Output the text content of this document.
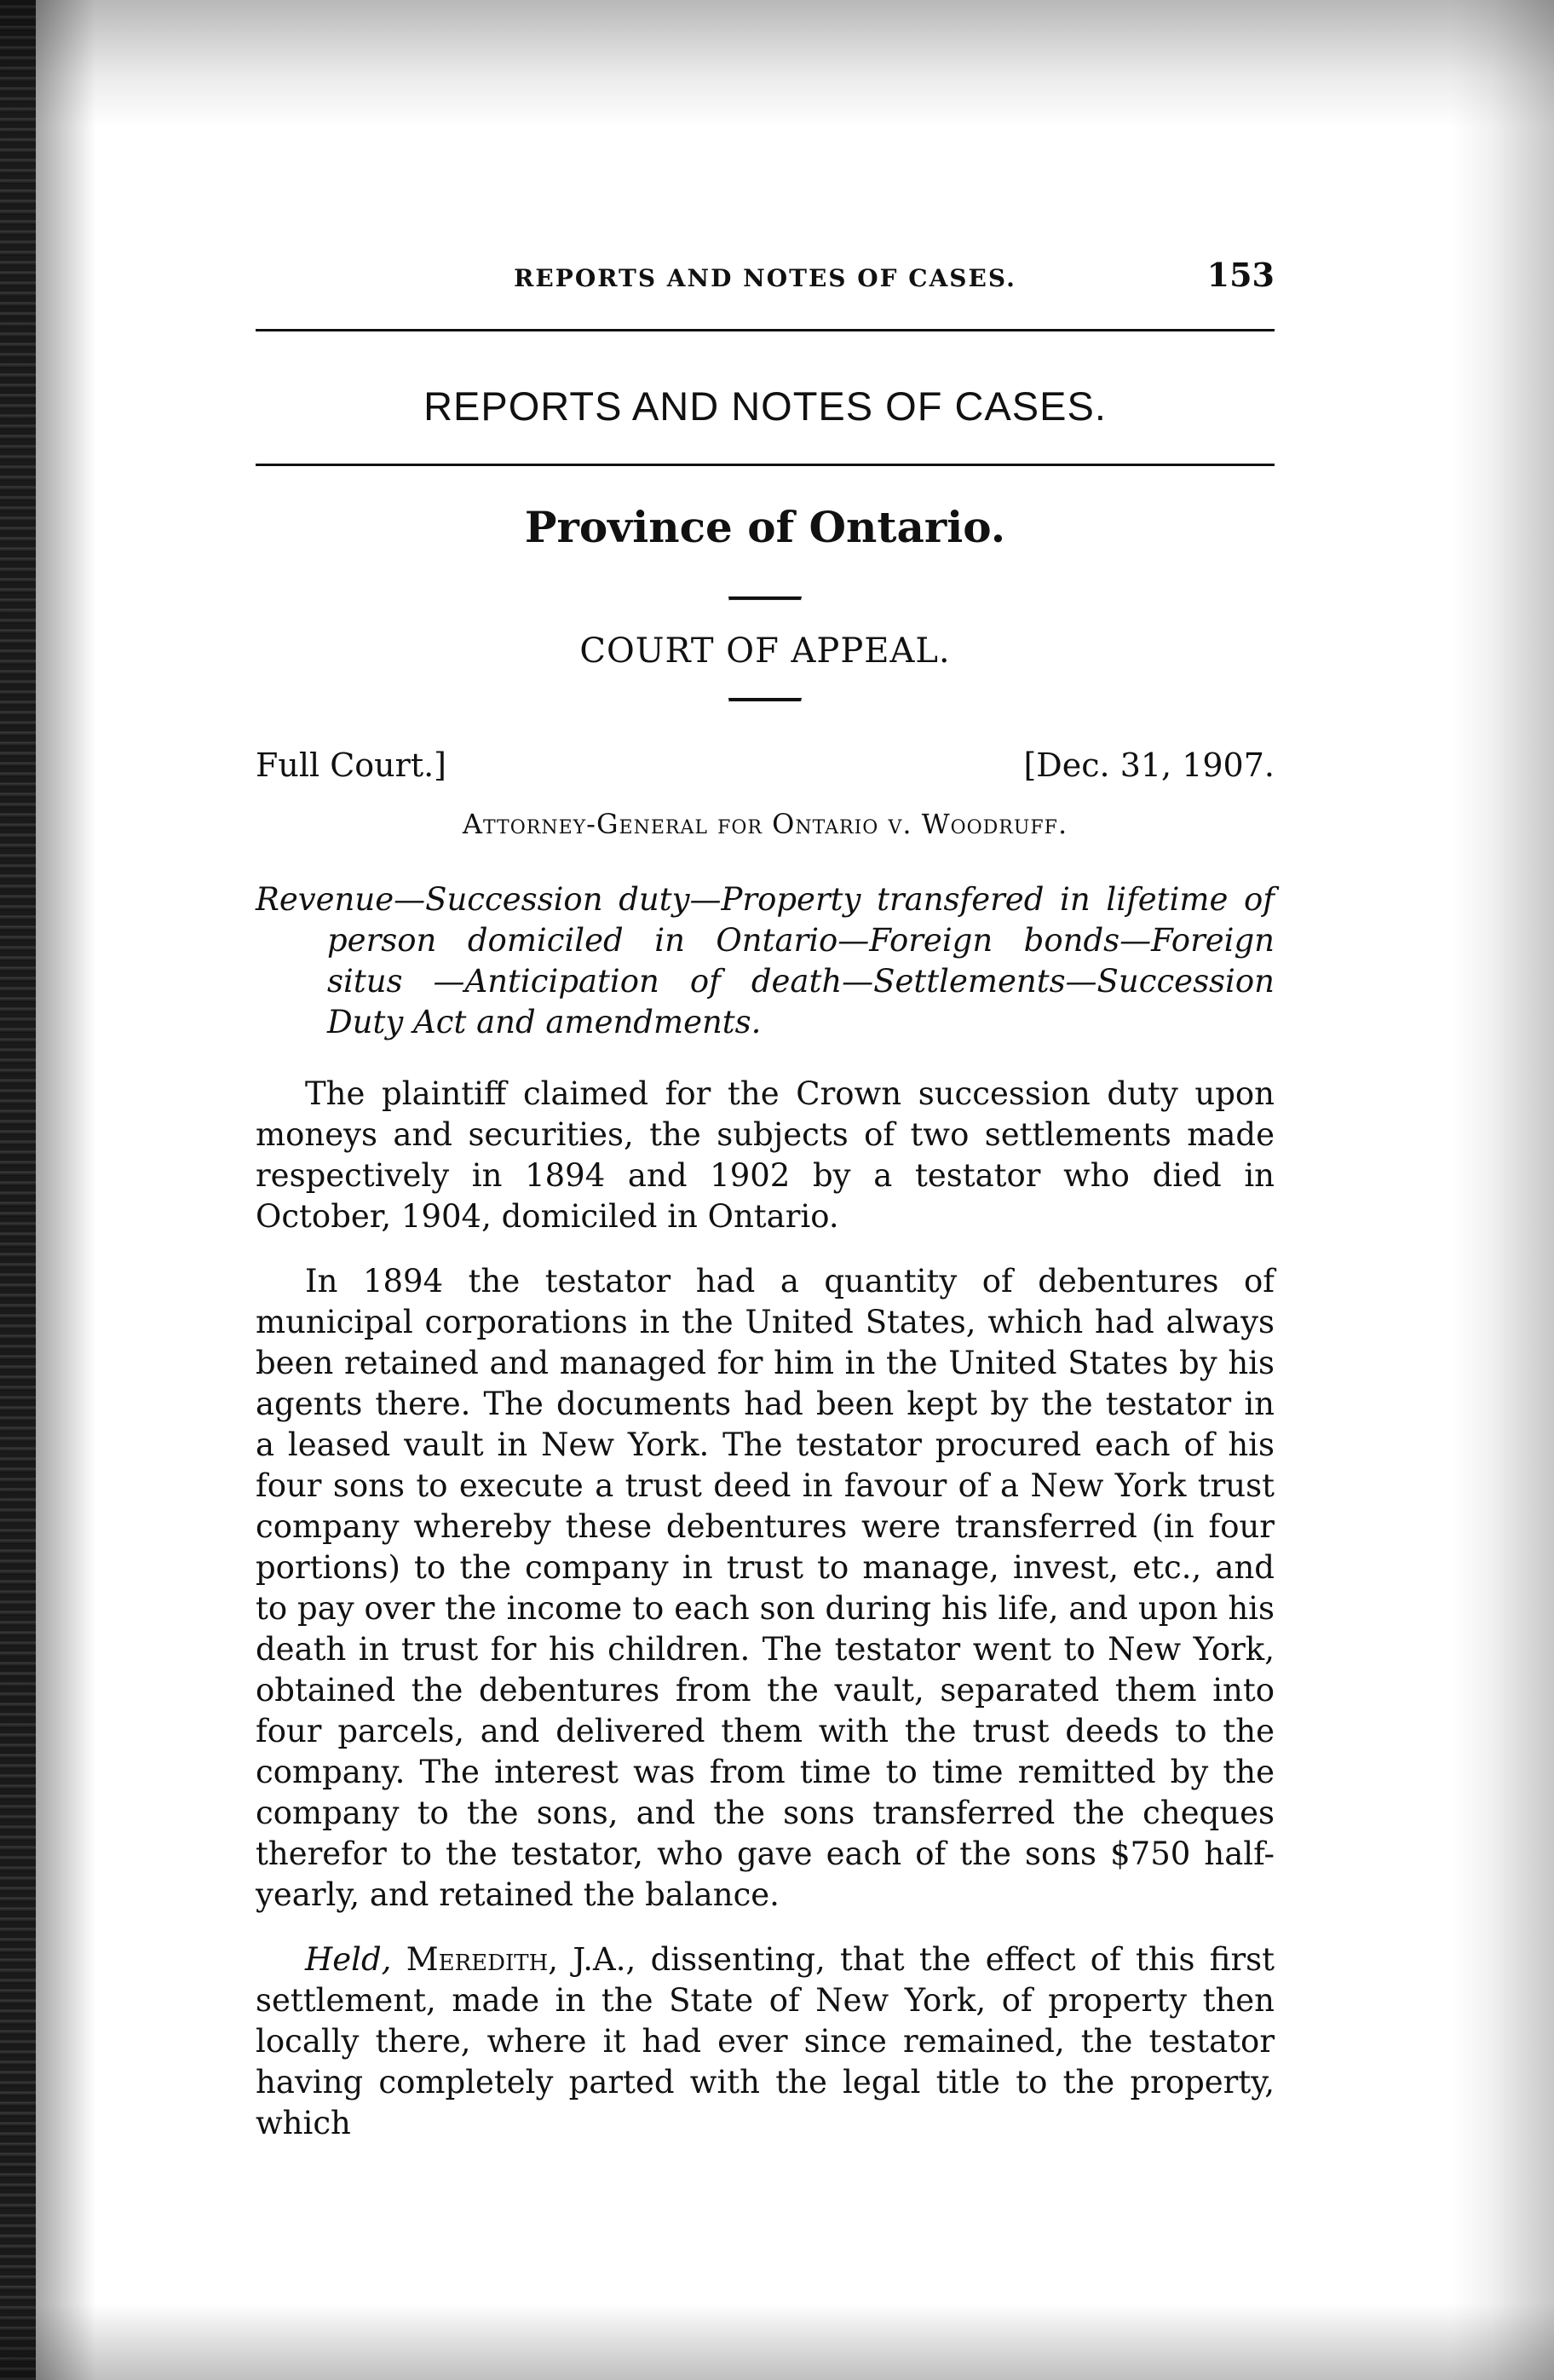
REPORTS AND NOTES OF CASES.	153
REPORTS AND NOTES OF CASES.
Province of Ontario.
COURT OF APPEAL.
Full Court.]	[Dec. 31, 1907.
Attorney-General for Ontario v. Woodruff.
Revenue—Succession duty—Property transfered in lifetime of person domiciled in Ontario—Foreign bonds—Foreign situs —Anticipation of death—Settlements—Succession Duty Act and amendments.

The plaintiff claimed for the Crown succession duty upon moneys and securities, the subjects of two settlements made respectively in 1894 and 1902 by a testator who died in October, 1904, domiciled in Ontario.

In 1894 the testator had a quantity of debentures of municipal corporations in the United States, which had always been retained and managed for him in the United States by his agents there. The documents had been kept by the testator in a leased vault in New York. The testator procured each of his four sons to execute a trust deed in favour of a New York trust company whereby these debentures were transferred (in four portions) to the company in trust to manage, invest, etc., and to pay over the income to each son during his life, and upon his death in trust for his children. The testator went to New York, obtained the debentures from the vault, separated them into four parcels, and delivered them with the trust deeds to the company. The interest was from time to time remitted by the company to the sons, and the sons transferred the cheques therefor to the testator, who gave each of the sons $750 half-yearly, and retained the balance.

Held, Meredith, J.A., dissenting, that the effect of this first settlement, made in the State of New York, of property then locally there, where it had ever since remained, the testator having completely parted with the legal title to the property, which
